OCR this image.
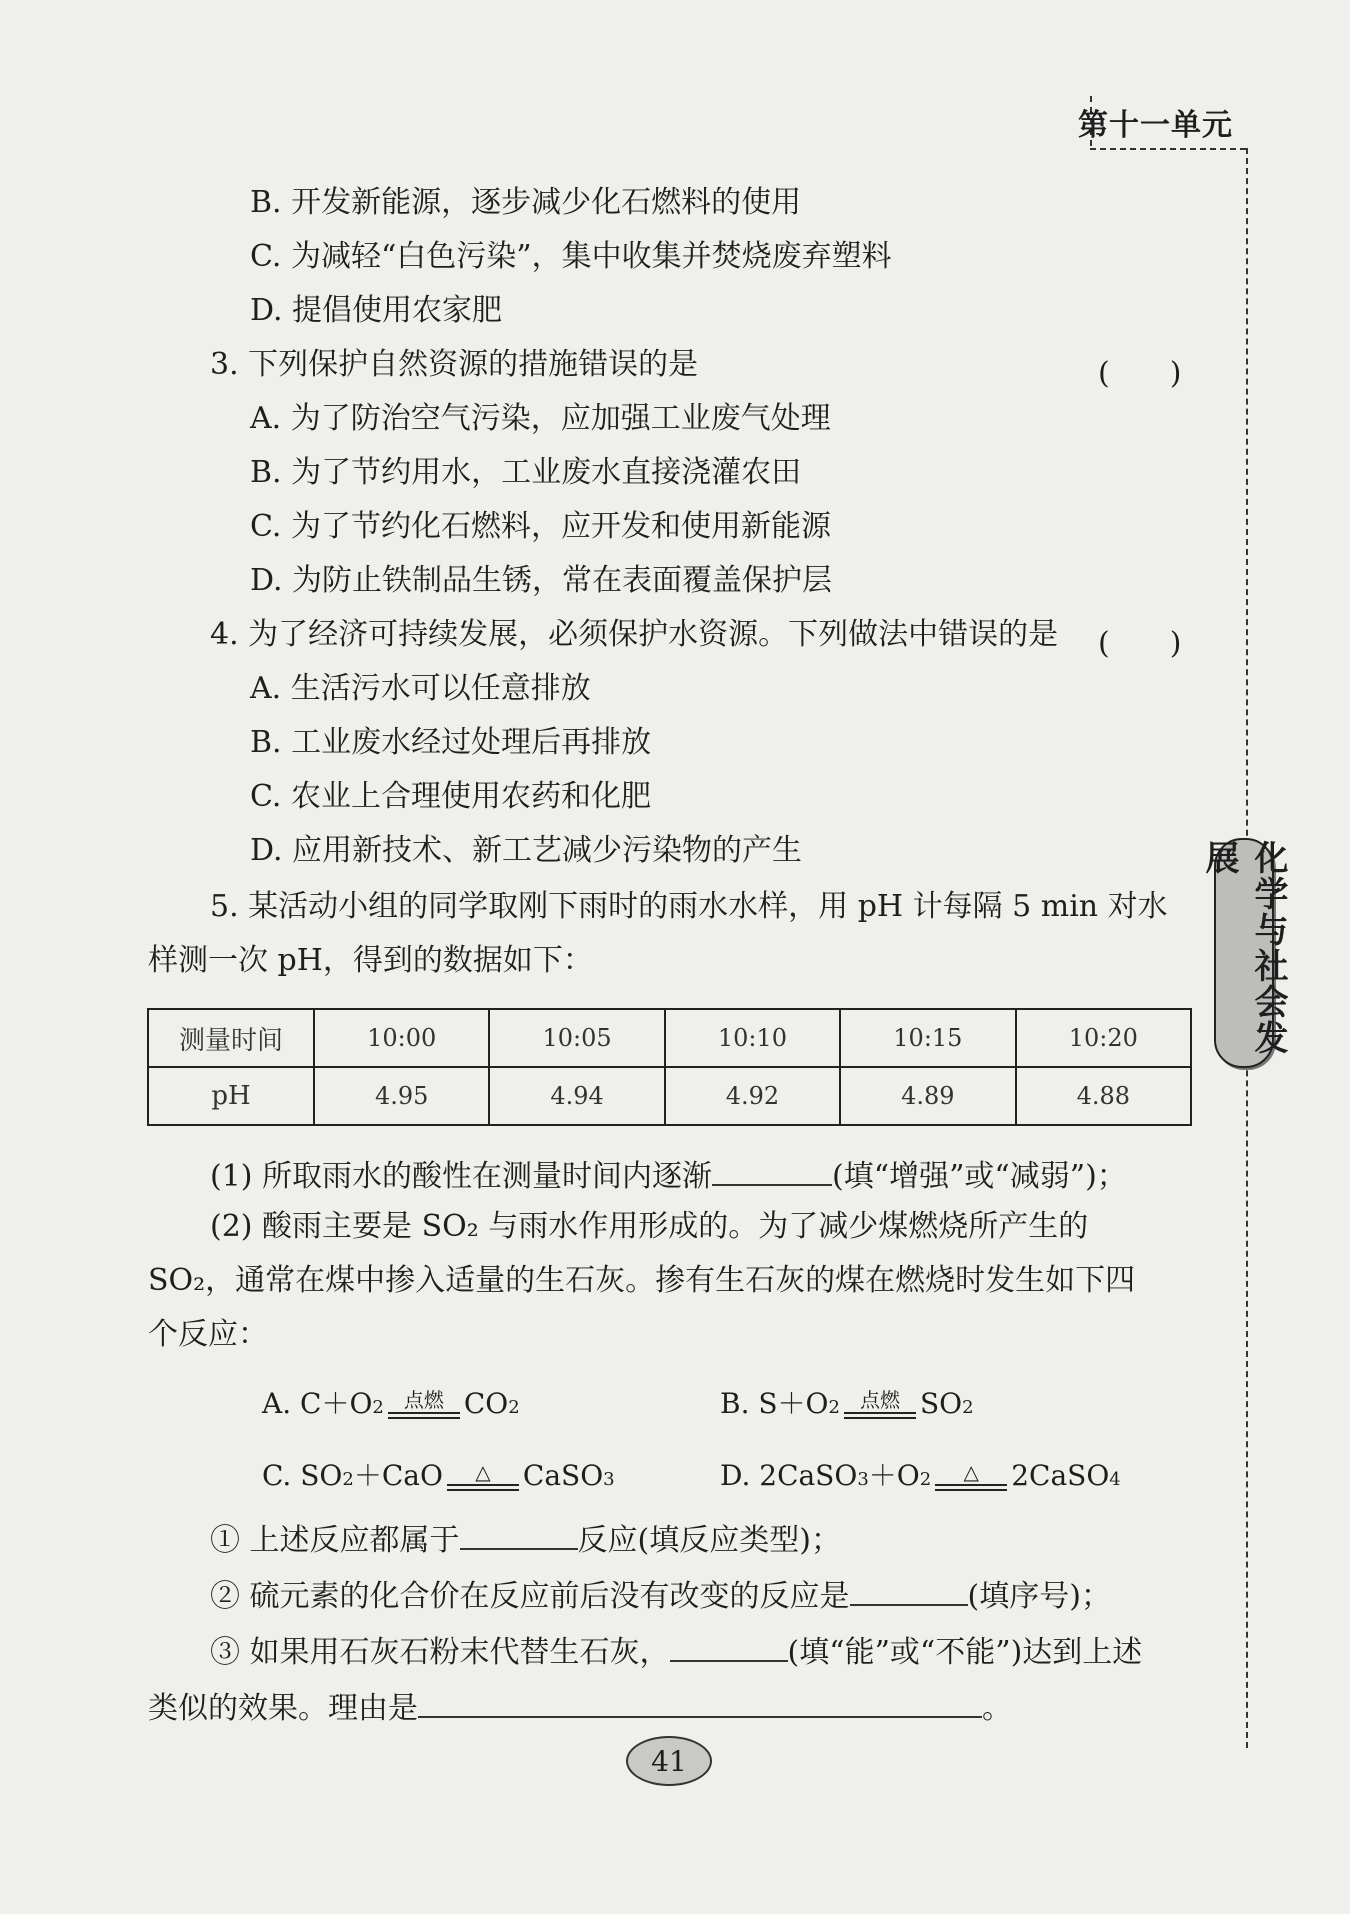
第十一单元
化学与社会发展
B. 开发新能源，逐步减少化石燃料的使用
C. 为减轻“白色污染”，集中收集并焚烧废弃塑料
D. 提倡使用农家肥
3. 下列保护自然资源的措施错误的是	(　　)
A. 为了防治空气污染，应加强工业废气处理
B. 为了节约用水，工业废水直接浇灌农田
C. 为了节约化石燃料，应开发和使用新能源
D. 为防止铁制品生锈，常在表面覆盖保护层
4. 为了经济可持续发展，必须保护水资源。下列做法中错误的是 (　　)
A. 生活污水可以任意排放
B. 工业废水经过处理后再排放
C. 农业上合理使用农药和化肥
D. 应用新技术、新工艺减少污染物的产生
5. 某活动小组的同学取刚下雨时的雨水水样，用 pH 计每隔 5 min 对水
样测一次 pH，得到的数据如下：
测量时间	10:00	10:05	10:10	10:15	10:20
pH	4.95	4.94	4.92	4.89	4.88
(1) 所取雨水的酸性在测量时间内逐渐	(填“增强”或“减弱”)；
(2) 酸雨主要是 SO₂ 与雨水作用形成的。为了减少煤燃烧所产生的
SO₂，通常在煤中掺入适量的生石灰。掺有生石灰的煤在燃烧时发生如下四
个反应：
A. C＋O 2 点燃 CO 2	B. S＋O 2 点燃 SO 2
C. SO 2 ＋CaO △ CaSO 3	D. 2CaSO 3 ＋O 2 △ 2CaSO 4
① 上述反应都属于	反应(填反应类型)；
② 硫元素的化合价在反应前后没有改变的反应是	(填序号)；
③ 如果用石灰石粉末代替生石灰，	(填“能”或“不能”)达到上述
类似的效果。理由是	。
41
